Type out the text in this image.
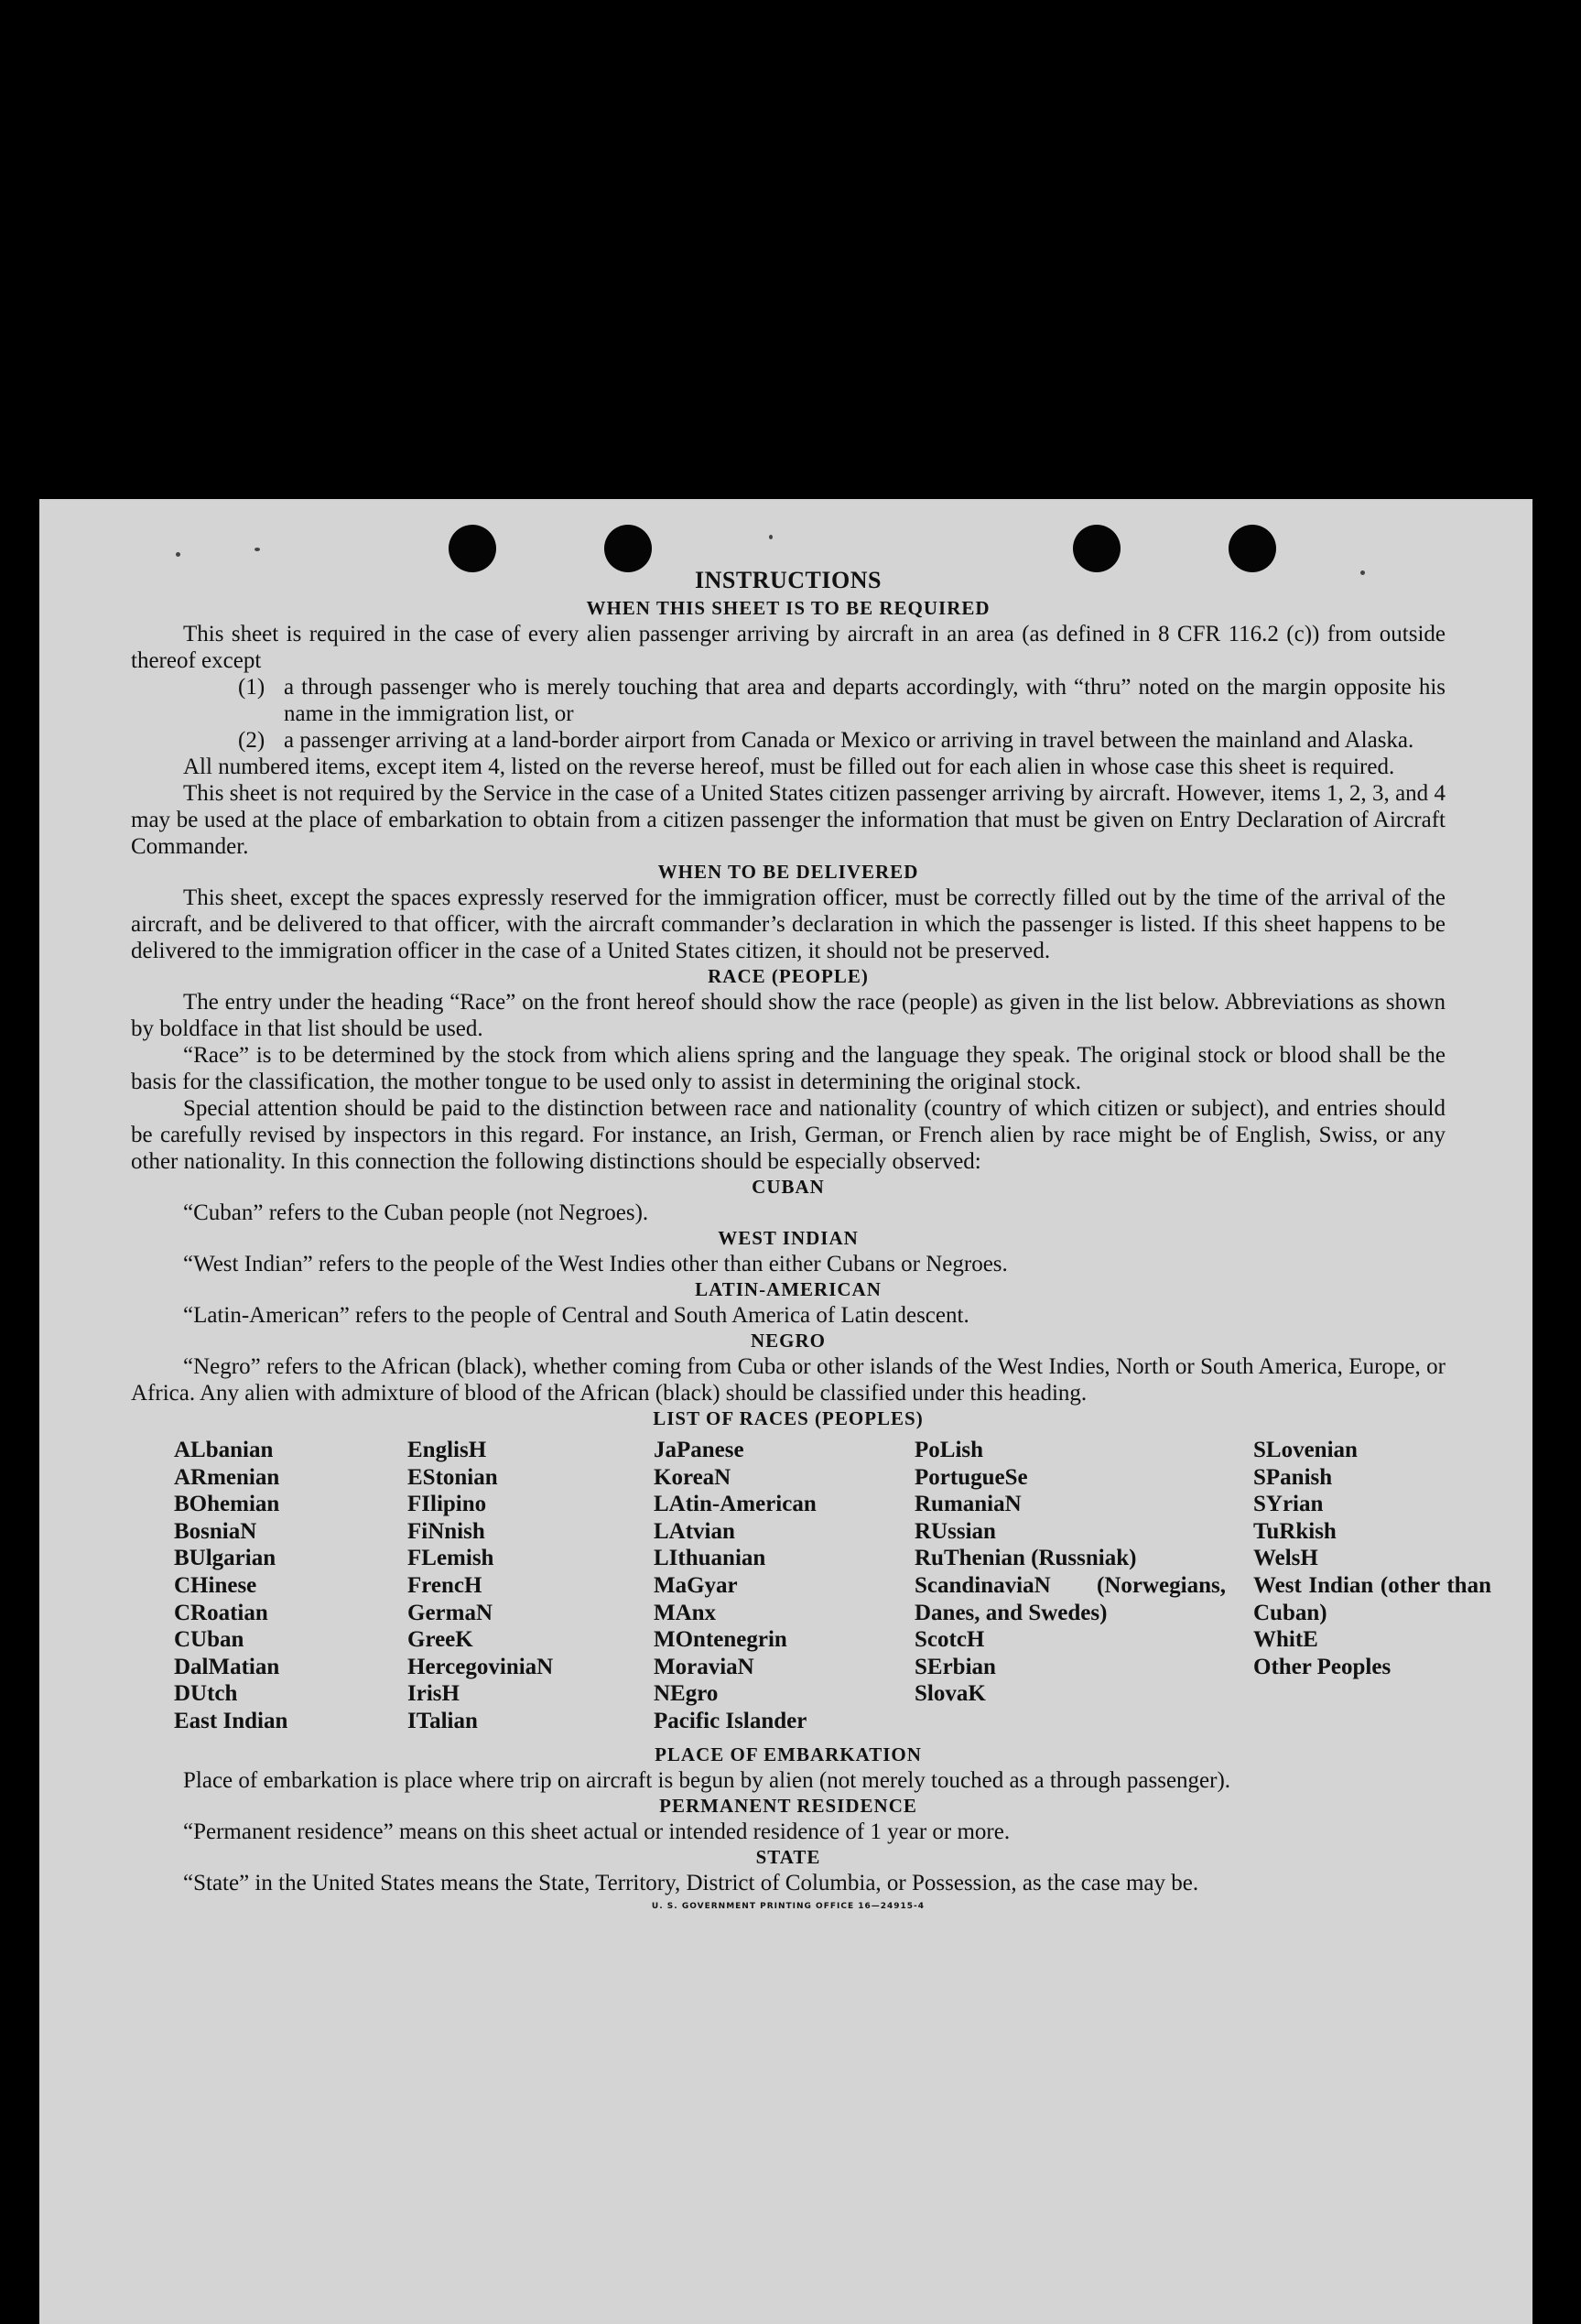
INSTRUCTIONS

WHEN THIS SHEET IS TO BE REQUIRED

This sheet is required in the case of every alien passenger arriving by aircraft in an area (as defined in 8 CFR 116.2 (c)) from outside thereof except

(1) a through passenger who is merely touching that area and departs accordingly, with “thru” noted on the margin opposite his name in the immigration list, or
(2) a passenger arriving at a land-border airport from Canada or Mexico or arriving in travel between the mainland and Alaska.

All numbered items, except item 4, listed on the reverse hereof, must be filled out for each alien in whose case this sheet is required.

This sheet is not required by the Service in the case of a United States citizen passenger arriving by aircraft. However, items 1, 2, 3, and 4 may be used at the place of embarkation to obtain from a citizen passenger the information that must be given on Entry Declaration of Aircraft Commander.

WHEN TO BE DELIVERED

This sheet, except the spaces expressly reserved for the immigration officer, must be correctly filled out by the time of the arrival of the aircraft, and be delivered to that officer, with the aircraft commander’s declaration in which the passenger is listed. If this sheet happens to be delivered to the immigration officer in the case of a United States citizen, it should not be preserved.

RACE (PEOPLE)

The entry under the heading “Race” on the front hereof should show the race (people) as given in the list below. Abbreviations as shown by boldface in that list should be used.

“Race” is to be determined by the stock from which aliens spring and the language they speak. The original stock or blood shall be the basis for the classification, the mother tongue to be used only to assist in determining the original stock.

Special attention should be paid to the distinction between race and nationality (country of which citizen or subject), and entries should be carefully revised by inspectors in this regard. For instance, an Irish, German, or French alien by race might be of English, Swiss, or any other nationality. In this connection the following distinctions should be especially observed:

CUBAN

“Cuban” refers to the Cuban people (not Negroes).

WEST INDIAN

“West Indian” refers to the people of the West Indies other than either Cubans or Negroes.

LATIN-AMERICAN

“Latin-American” refers to the people of Central and South America of Latin descent.

NEGRO

“Negro” refers to the African (black), whether coming from Cuba or other islands of the West Indies, North or South America, Europe, or Africa. Any alien with admixture of blood of the African (black) should be classified under this heading.

LIST OF RACES (PEOPLES)

ALbanian
ARmenian
BOhemian
BosniaN
BUlgarian
CHinese
CRoatian
CUban
DalMatian
DUtch
East Indian
EnglisH
EStonian
FIlipino
FiNnish
FLemish
FrencH
GermaN
GreeK
HercegoviniaN
IrisH
ITalian
JaPanese
KoreaN
LAtin-American
LAtvian
LIthuanian
MaGyar
MAnx
MOntenegrin
MoraviaN
NEgro
Pacific Islander
PoLish
PortugueSe
RumaniaN
RUssian
RuThenian (Russniak)
ScandinaviaN (Norwegians, Danes, and Swedes)
ScotcH
SErbian
SlovaK
SLovenian
SPanish
SYrian
TuRkish
WelsH
West Indian (other than Cuban)
WhitE
Other Peoples

PLACE OF EMBARKATION

Place of embarkation is place where trip on aircraft is begun by alien (not merely touched as a through passenger).

PERMANENT RESIDENCE

“Permanent residence” means on this sheet actual or intended residence of 1 year or more.

STATE

“State” in the United States means the State, Territory, District of Columbia, or Possession, as the case may be.

U. S. GOVERNMENT PRINTING OFFICE 16—24915-4
